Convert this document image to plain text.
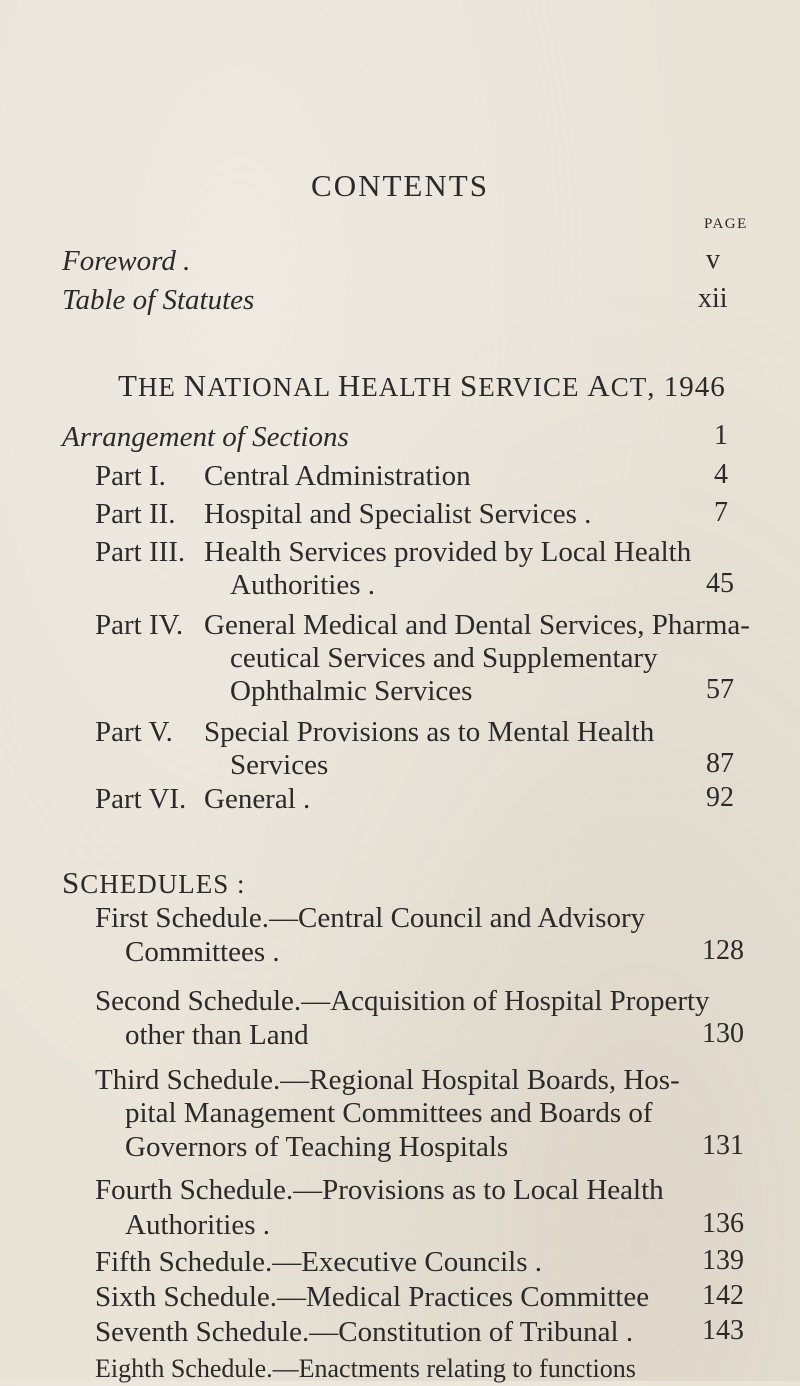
CONTENTS
PAGE
Foreword .	v
Table of Statutes	xii
THE NATIONAL HEALTH SERVICE ACT, 1946
Arrangement of Sections	1
Part I. Central Administration	4
Part II. Hospital and Specialist Services .	7
Part III. Health Services provided by Local Health
Authorities .	45
Part IV. General Medical and Dental Services, Pharma-
ceutical Services and Supplementary
Ophthalmic Services	57
Part V. Special Provisions as to Mental Health
Services	87
Part VI. General .	92
SCHEDULES :
First Schedule.—Central Council and Advisory
Committees .	128
Second Schedule.—Acquisition of Hospital Property
other than Land	130
Third Schedule.—Regional Hospital Boards, Hos-
pital Management Committees and Boards of
Governors of Teaching Hospitals	131
Fourth Schedule.—Provisions as to Local Health
Authorities .	136
Fifth Schedule.—Executive Councils .	139
Sixth Schedule.—Medical Practices Committee 142
Seventh Schedule.—Constitution of Tribunal . 143
Eighth Schedule.—Enactments relating to functions
